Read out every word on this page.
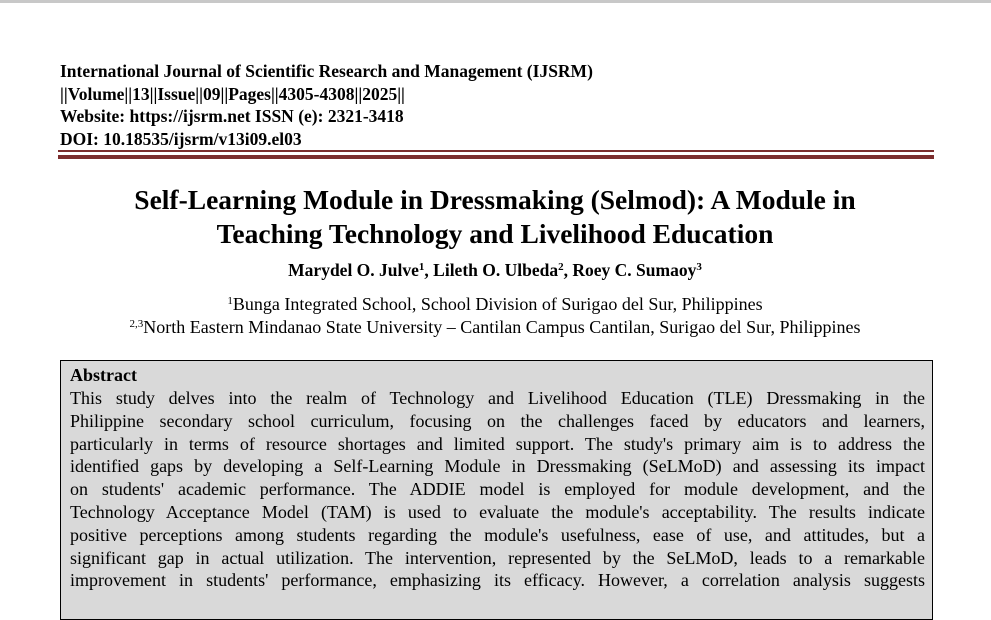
International Journal of Scientific Research and Management (IJSRM)
||Volume||13||Issue||09||Pages||4305-4308||2025||
Website: https://ijsrm.net ISSN (e): 2321-3418
DOI: 10.18535/ijsrm/v13i09.el03
Self-Learning Module in Dressmaking (Selmod): A Module in
Teaching Technology and Livelihood Education
Marydel O. Julve$^1$, Lileth O. Ulbeda$^2$, Roey C. Sumaoy$^3$
$^1$Bunga Integrated School, School Division of Surigao del Sur, Philippines
$^{2,3}$North Eastern Mindanao State University – Cantilan Campus Cantilan, Surigao del Sur, Philippines
Abstract
This study delves into the realm of Technology and Livelihood Education (TLE) Dressmaking in the
Philippine secondary school curriculum, focusing on the challenges faced by educators and learners,
particularly in terms of resource shortages and limited support. The study's primary aim is to address the
identified gaps by developing a Self-Learning Module in Dressmaking (SeLMoD) and assessing its impact
on students' academic performance. The ADDIE model is employed for module development, and the
Technology Acceptance Model (TAM) is used to evaluate the module's acceptability. The results indicate
positive perceptions among students regarding the module's usefulness, ease of use, and attitudes, but a
significant gap in actual utilization. The intervention, represented by the SeLMoD, leads to a remarkable
improvement in students' performance, emphasizing its efficacy. However, a correlation analysis suggests
